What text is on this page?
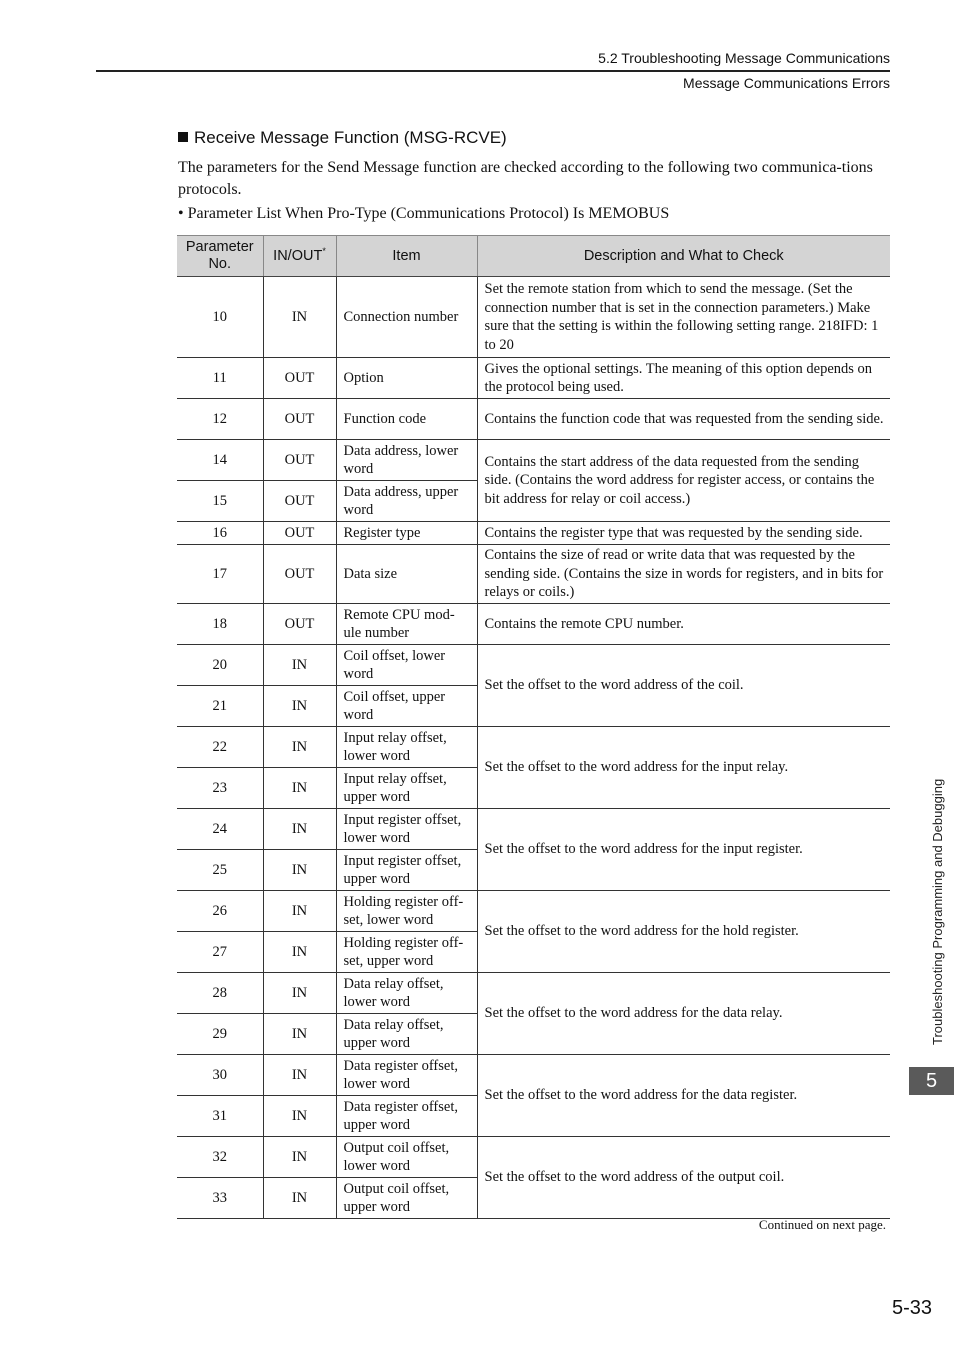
5.2 Troubleshooting Message Communications
Message Communications Errors
Receive Message Function (MSG-RCVE)
The parameters for the Send Message function are checked according to the following two communica-tions protocols.
• Parameter List When Pro-Type (Communications Protocol) Is MEMOBUS
Parameter No.	IN/OUT*	Item	Description and What to Check
10	IN	Connection number	Set the remote station from which to send the message. (Set the connection number that is set in the connection parameters.) Make sure that the setting is within the following setting range. 218IFD: 1 to 20
11	OUT	Option	Gives the optional settings. The meaning of this option depends on the protocol being used.
12	OUT	Function code	Contains the function code that was requested from the sending side.
14	OUT	Data address, lower word	Contains the start address of the data requested from the sending side. (Contains the word address for register access, or contains the bit address for relay or coil access.)
15	OUT	Data address, upper word	
16	OUT	Register type	Contains the register type that was requested by the sending side.
17	OUT	Data size	Contains the size of read or write data that was requested by the sending side. (Contains the size in words for registers, and in bits for relays or coils.)
18	OUT	Remote CPU mod-ule number	Contains the remote CPU number.
20	IN	Coil offset, lower word	Set the offset to the word address of the coil.
21	IN	Coil offset, upper word	
22	IN	Input relay offset, lower word	Set the offset to the word address for the input relay.
23	IN	Input relay offset, upper word	
24	IN	Input register offset, lower word	Set the offset to the word address for the input register.
25	IN	Input register offset, upper word	
26	IN	Holding register off-set, lower word	Set the offset to the word address for the hold register.
27	IN	Holding register off-set, upper word	
28	IN	Data relay offset, lower word	Set the offset to the word address for the data relay.
29	IN	Data relay offset, upper word	
30	IN	Data register offset, lower word	Set the offset to the word address for the data register.
31	IN	Data register offset, upper word	
32	IN	Output coil offset, lower word	Set the offset to the word address of the output coil.
33	IN	Output coil offset, upper word	
Continued on next page.
Troubleshooting Programming and Debugging
5
5-33
